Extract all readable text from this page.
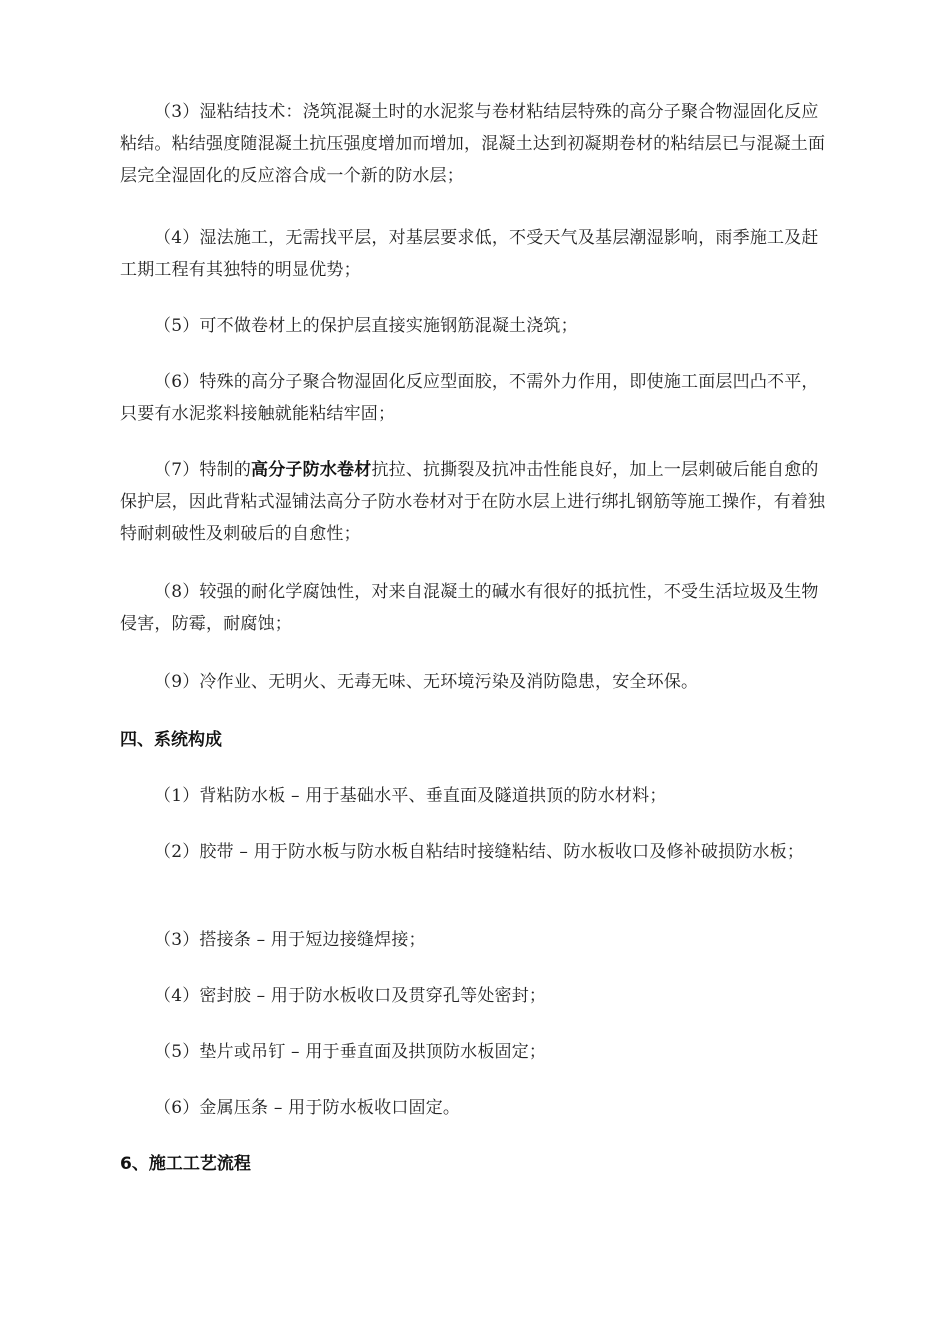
（3）湿粘结技术：浇筑混凝土时的水泥浆与卷材粘结层特殊的高分子聚合物湿固化反应粘结。粘结强度随混凝土抗压强度增加而增加，混凝土达到初凝期卷材的粘结层已与混凝土面层完全湿固化的反应溶合成一个新的防水层；

（4）湿法施工，无需找平层，对基层要求低，不受天气及基层潮湿影响，雨季施工及赶工期工程有其独特的明显优势；

（5）可不做卷材上的保护层直接实施钢筋混凝土浇筑；

（6）特殊的高分子聚合物湿固化反应型面胶，不需外力作用，即使施工面层凹凸不平，只要有水泥浆料接触就能粘结牢固；

（7）特制的高分子防水卷材抗拉、抗撕裂及抗冲击性能良好，加上一层刺破后能自愈的保护层，因此背粘式湿铺法高分子防水卷材对于在防水层上进行绑扎钢筋等施工操作，有着独特耐刺破性及刺破后的自愈性；

（8）较强的耐化学腐蚀性，对来自混凝土的碱水有很好的抵抗性，不受生活垃圾及生物侵害，防霉，耐腐蚀；

（9）冷作业、无明火、无毒无味、无环境污染及消防隐患，安全环保。

四、系统构成

（1）背粘防水板 – 用于基础水平、垂直面及隧道拱顶的防水材料；

（2）胶带 – 用于防水板与防水板自粘结时接缝粘结、防水板收口及修补破损防水板；

（3）搭接条 – 用于短边接缝焊接；

（4）密封胶 – 用于防水板收口及贯穿孔等处密封；

（5）垫片或吊钉 – 用于垂直面及拱顶防水板固定；

（6）金属压条 – 用于防水板收口固定。

6、施工工艺流程
